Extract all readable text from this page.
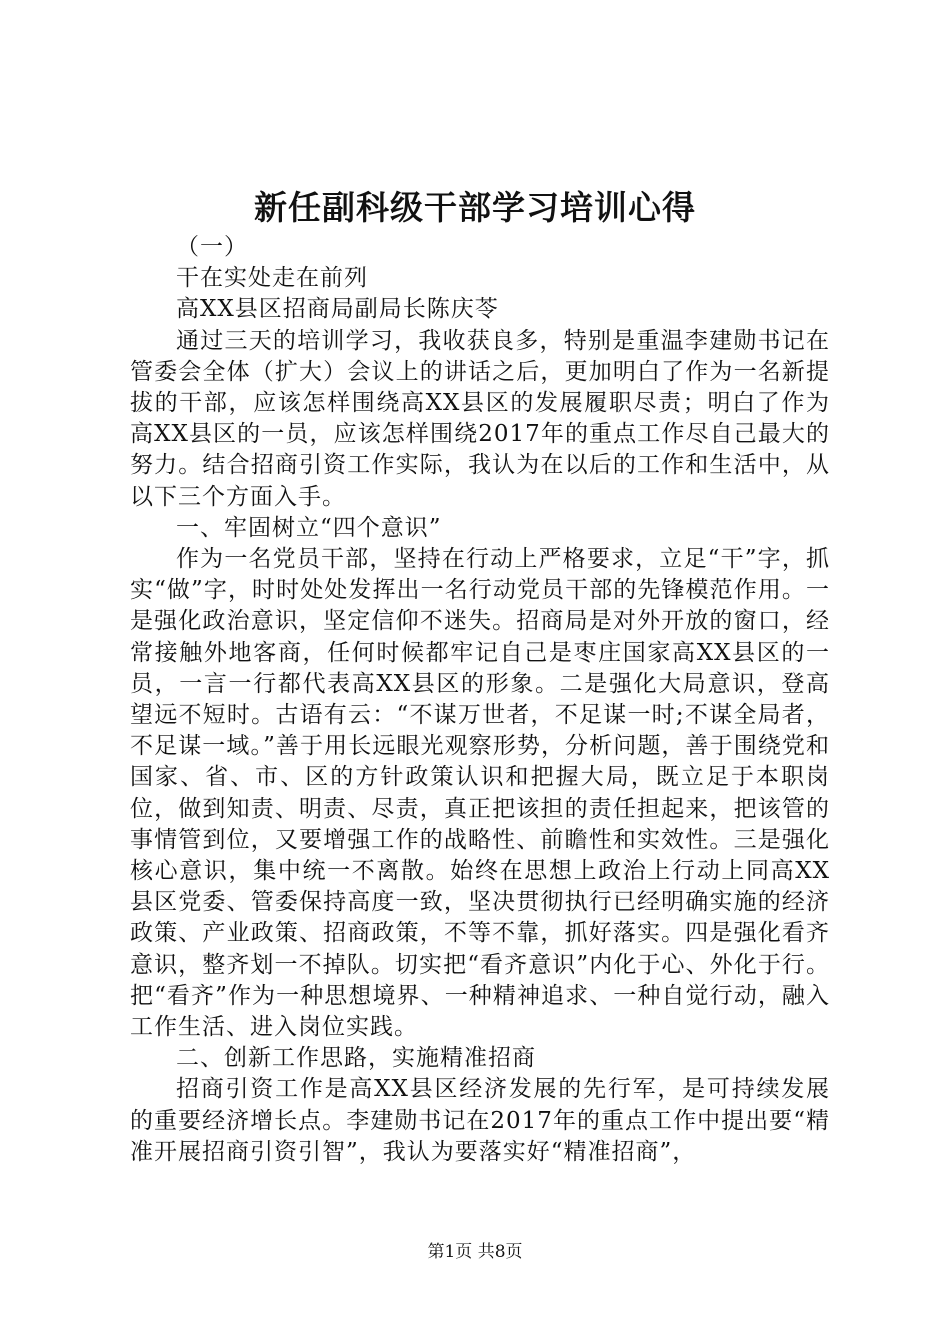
新任副科级干部学习培训心得

（一）

干在实处走在前列

高XX县区招商局副局长陈庆苓

通过三天的培训学习，我收获良多，特别是重温李建勋书记在管委会全体（扩大）会议上的讲话之后，更加明白了作为一名新提拔的干部，应该怎样围绕高XX县区的发展履职尽责；明白了作为高XX县区的一员，应该怎样围绕2017年的重点工作尽自己最大的努力。结合招商引资工作实际，我认为在以后的工作和生活中，从以下三个方面入手。

一、牢固树立“四个意识”

作为一名党员干部，坚持在行动上严格要求，立足“干”字，抓实“做”字，时时处处发挥出一名行动党员干部的先锋模范作用。一是强化政治意识，坚定信仰不迷失。招商局是对外开放的窗口，经常接触外地客商，任何时候都牢记自己是枣庄国家高XX县区的一员，一言一行都代表高XX县区的形象。二是强化大局意识，登高望远不短时。古语有云：“不谋万世者，不足谋一时;不谋全局者，不足谋一域。”善于用长远眼光观察形势，分析问题，善于围绕党和国家、省、市、区的方针政策认识和把握大局，既立足于本职岗位，做到知责、明责、尽责，真正把该担的责任担起来，把该管的事情管到位，又要增强工作的战略性、前瞻性和实效性。三是强化核心意识，集中统一不离散。始终在思想上政治上行动上同高XX县区党委、管委保持高度一致，坚决贯彻执行已经明确实施的经济政策、产业政策、招商政策，不等不靠，抓好落实。四是强化看齐意识，整齐划一不掉队。切实把“看齐意识”内化于心、外化于行。把“看齐”作为一种思想境界、一种精神追求、一种自觉行动，融入工作生活、进入岗位实践。

二、创新工作思路，实施精准招商

招商引资工作是高XX县区经济发展的先行军，是可持续发展的重要经济增长点。李建勋书记在2017年的重点工作中提出要“精准开展招商引资引智”，我认为要落实好“精准招商”，

第1页 共8页
